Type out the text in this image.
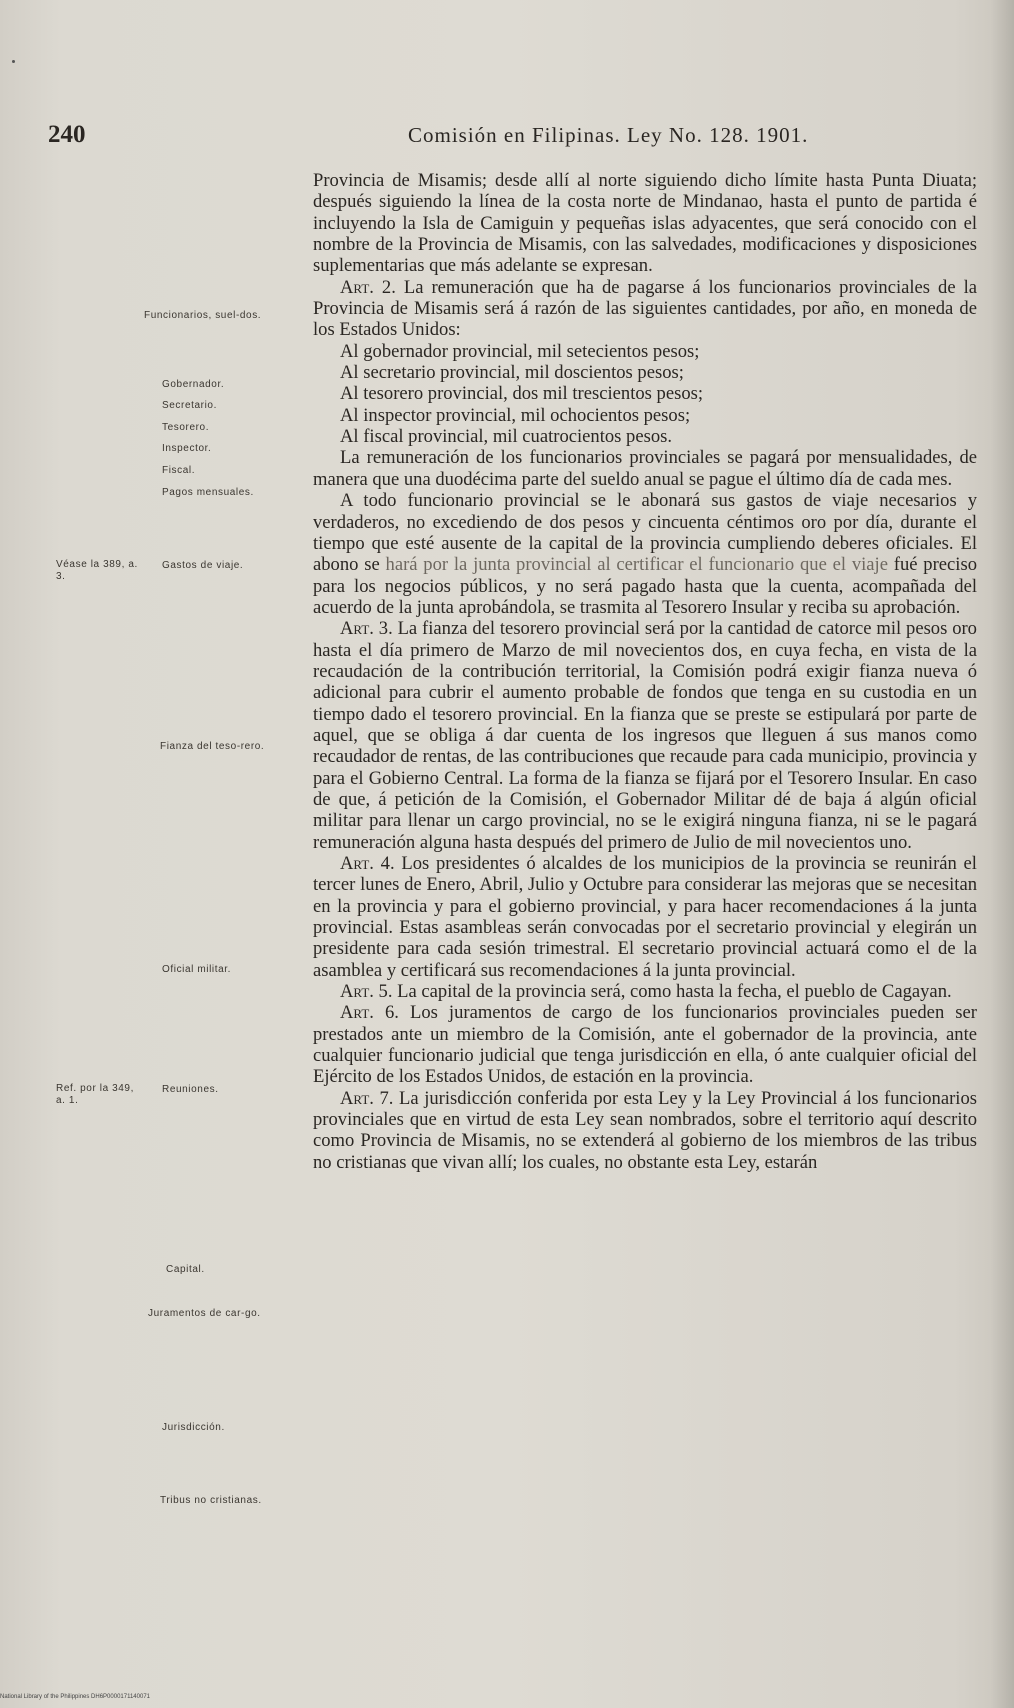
240	Comisión en Filipinas. Ley No. 128. 1901.
Funcionarios, suel-dos.
Gobernador.
Secretario.
Tesorero.
Inspector.
Fiscal.
Pagos mensuales.
Véase la 389, a. 3.
Gastos de viaje.
Fianza del teso-rero.
Oficial militar.
Ref. por la 349, a. 1.
Reuniones.
Capital.
Juramentos de car-go.
Jurisdicción.
Tribus no cristianas.

Provincia de Misamis; desde allí al norte siguiendo dicho límite hasta Punta Diuata; después siguiendo la línea de la costa norte de Mindanao, hasta el punto de partida é incluyendo la Isla de Camiguin y pequeñas islas adyacentes, que será conocido con el nombre de la Provincia de Misamis, con las salvedades, modificaciones y disposiciones suplementarias que más adelante se expresan.

Art. 2. La remuneración que ha de pagarse á los funcionarios provinciales de la Provincia de Misamis será á razón de las siguientes cantidades, por año, en moneda de los Estados Unidos:

Al gobernador provincial, mil setecientos pesos;

Al secretario provincial, mil doscientos pesos;

Al tesorero provincial, dos mil trescientos pesos;

Al inspector provincial, mil ochocientos pesos;

Al fiscal provincial, mil cuatrocientos pesos.

La remuneración de los funcionarios provinciales se pagará por mensualidades, de manera que una duodécima parte del sueldo anual se pague el último día de cada mes.

A todo funcionario provincial se le abonará sus gastos de viaje necesarios y verdaderos, no excediendo de dos pesos y cincuenta céntimos oro por día, durante el tiempo que esté ausente de la capital de la provincia cumpliendo deberes oficiales. El abono se hará por la junta provincial al certificar el funcionario que el viaje fué preciso para los negocios públicos, y no será pagado hasta que la cuenta, acompañada del acuerdo de la junta aprobándola, se trasmita al Tesorero Insular y reciba su aprobación.

Art. 3. La fianza del tesorero provincial será por la cantidad de catorce mil pesos oro hasta el día primero de Marzo de mil novecientos dos, en cuya fecha, en vista de la recaudación de la contribución territorial, la Comisión podrá exigir fianza nueva ó adicional para cubrir el aumento probable de fondos que tenga en su custodia en un tiempo dado el tesorero provincial. En la fianza que se preste se estipulará por parte de aquel, que se obliga á dar cuenta de los ingresos que lleguen á sus manos como recaudador de rentas, de las contribuciones que recaude para cada municipio, provincia y para el Gobierno Central. La forma de la fianza se fijará por el Tesorero Insular. En caso de que, á petición de la Comisión, el Gobernador Militar dé de baja á algún oficial militar para llenar un cargo provincial, no se le exigirá ninguna fianza, ni se le pagará remuneración alguna hasta después del primero de Julio de mil novecientos uno.

Art. 4. Los presidentes ó alcaldes de los municipios de la provincia se reunirán el tercer lunes de Enero, Abril, Julio y Octubre para considerar las mejoras que se necesitan en la provincia y para el gobierno provincial, y para hacer recomendaciones á la junta provincial. Estas asambleas serán convocadas por el secretario provincial y elegirán un presidente para cada sesión trimestral. El secretario provincial actuará como el de la asamblea y certificará sus recomendaciones á la junta provincial.

Art. 5. La capital de la provincia será, como hasta la fecha, el pueblo de Cagayan.

Art. 6. Los juramentos de cargo de los funcionarios provinciales pueden ser prestados ante un miembro de la Comisión, ante el gobernador de la provincia, ante cualquier funcionario judicial que tenga jurisdicción en ella, ó ante cualquier oficial del Ejército de los Estados Unidos, de estación en la provincia.

Art. 7. La jurisdicción conferida por esta Ley y la Ley Provincial á los funcionarios provinciales que en virtud de esta Ley sean nombrados, sobre el territorio aquí descrito como Provincia de Misamis, no se extenderá al gobierno de los miembros de las tribus no cristianas que vivan allí; los cuales, no obstante esta Ley, estarán

National Library of the Philippines DH6P0000171140071
